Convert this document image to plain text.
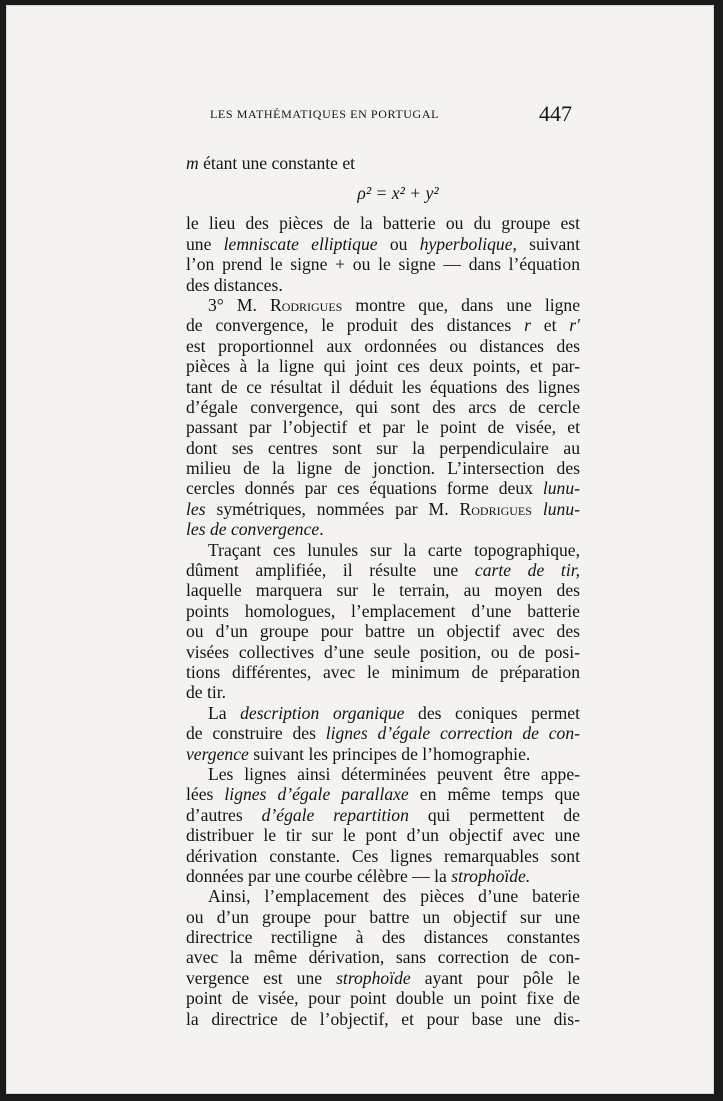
LES MATHÉMATIQUES EN PORTUGAL	447
m étant une constante et
ρ² = x² + y²
le lieu des pièces de la batterie ou du groupe est
une lemniscate elliptique ou hyperbolique, suivant
l’on prend le signe + ou le signe — dans l’équation
des distances.
3° M. Rodrigues montre que, dans une ligne
de convergence, le produit des distances r et r′
est proportionnel aux ordonnées ou distances des
pièces à la ligne qui joint ces deux points, et par-
tant de ce résultat il déduit les équations des lignes
d’égale convergence, qui sont des arcs de cercle
passant par l’objectif et par le point de visée, et
dont ses centres sont sur la perpendiculaire au
milieu de la ligne de jonction. L’intersection des
cercles donnés par ces équations forme deux lunu-
les symétriques, nommées par M. Rodrigues lunu-
les de convergence.
Traçant ces lunules sur la carte topographique,
dûment amplifiée, il résulte une carte de tir,
laquelle marquera sur le terrain, au moyen des
points homologues, l’emplacement d’une batterie
ou d’un groupe pour battre un objectif avec des
visées collectives d’une seule position, ou de posi-
tions différentes, avec le minimum de préparation
de tir.
La description organique des coniques permet
de construire des lignes d’égale correction de con-
vergence suivant les principes de l’homographie.
Les lignes ainsi déterminées peuvent être appe-
lées lignes d’égale parallaxe en même temps que
d’autres d’égale repartition qui permettent de
distribuer le tir sur le pont d’un objectif avec une
dérivation constante. Ces lignes remarquables sont
données par une courbe célèbre — la strophoïde.
Ainsi, l’emplacement des pièces d’une baterie
ou d’un groupe pour battre un objectif sur une
directrice rectiligne à des distances constantes
avec la même dérivation, sans correction de con-
vergence est une strophoïde ayant pour pôle le
point de visée, pour point double un point fixe de
la directrice de l’objectif, et pour base une dis-
